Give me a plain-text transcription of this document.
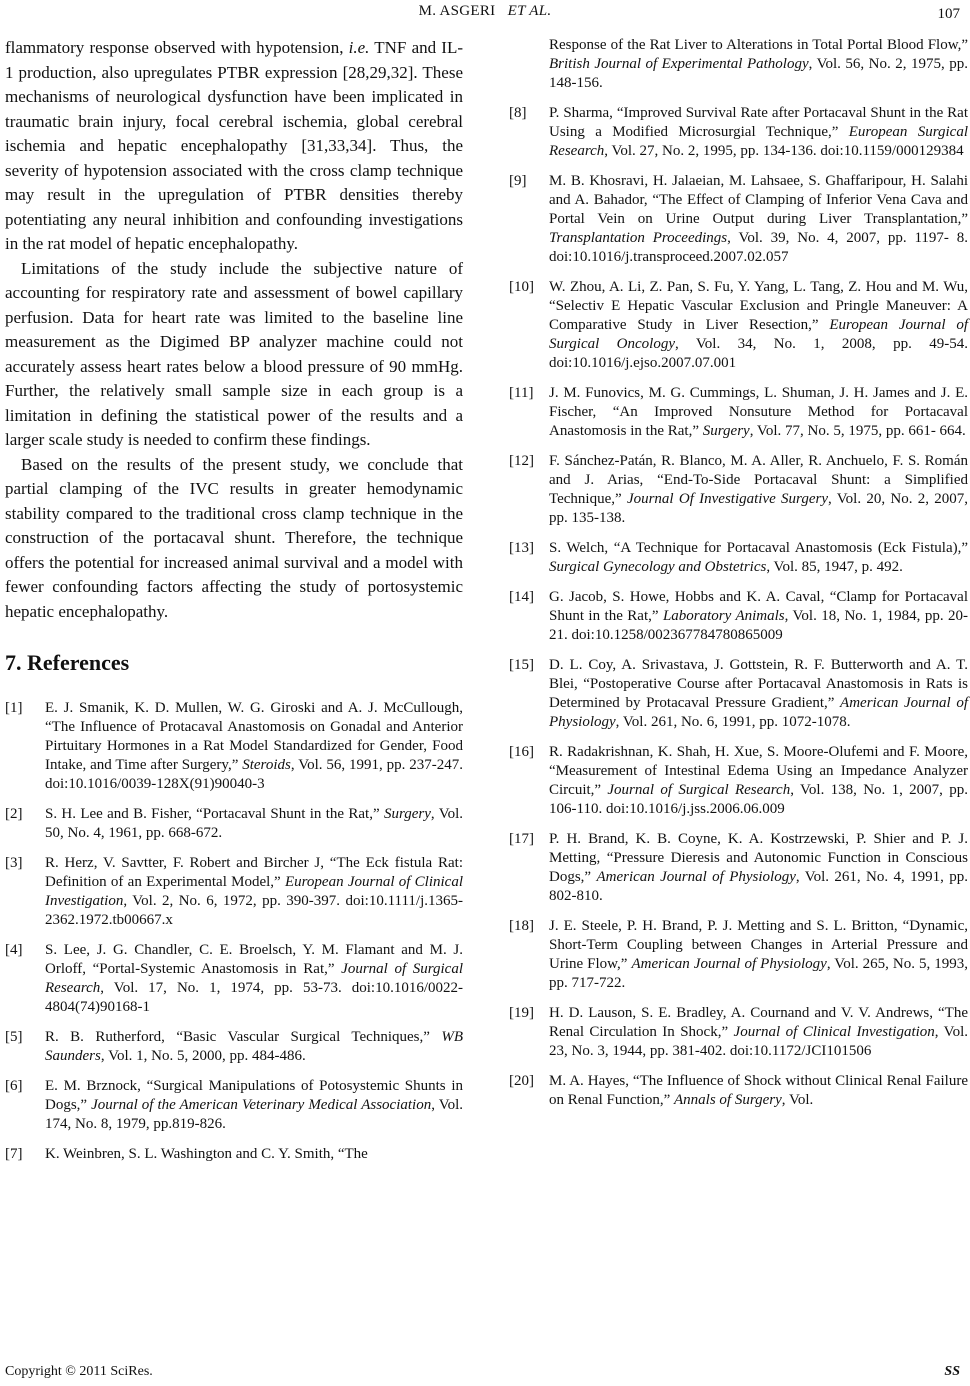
M. ASGERI ET AL.	107

flammatory response observed with hypotension, i.e. TNF and IL-1 production, also upregulates PTBR expression [28,29,32]. These mechanisms of neurological dysfunction have been implicated in traumatic brain injury, focal cerebral ischemia, global cerebral ischemia and hepatic encephalopathy [31,33,34]. Thus, the severity of hypotension associated with the cross clamp technique may result in the upregulation of PTBR densities thereby potentiating any neural inhibition and confounding investigations in the rat model of hepatic encephalopathy.

Limitations of the study include the subjective nature of accounting for respiratory rate and assessment of bowel capillary perfusion. Data for heart rate was limited to the baseline line measurement as the Digimed BP analyzer machine could not accurately assess heart rates below a blood pressure of 90 mmHg. Further, the relatively small sample size in each group is a limitation in defining the statistical power of the results and a larger scale study is needed to confirm these findings.

Based on the results of the present study, we conclude that partial clamping of the IVC results in greater hemodynamic stability compared to the traditional cross clamp technique in the construction of the portacaval shunt. Therefore, the technique offers the potential for increased animal survival and a model with fewer confounding factors affecting the study of portosystemic hepatic encephalopathy.

7. References
[1]	E. J. Smanik, K. D. Mullen, W. G. Giroski and A. J. McCullough, “The Influence of Protacaval Anastomosis on Gonadal and Anterior Pirtuitary Hormones in a Rat Model Standardized for Gender, Food Intake, and Time after Surgery,” Steroids, Vol. 56, 1991, pp. 237-247. doi:10.1016/0039-128X(91)90040-3
[2]	S. H. Lee and B. Fisher, “Portacaval Shunt in the Rat,” Surgery, Vol. 50, No. 4, 1961, pp. 668-672.
[3]	R. Herz, V. Savtter, F. Robert and Bircher J, “The Eck fistula Rat: Definition of an Experimental Model,” European Journal of Clinical Investigation, Vol. 2, No. 6, 1972, pp. 390-397. doi:10.1111/j.1365-2362.1972.tb00667.x
[4]	S. Lee, J. G. Chandler, C. E. Broelsch, Y. M. Flamant and M. J. Orloff, “Portal-Systemic Anastomosis in Rat,” Journal of Surgical Research, Vol. 17, No. 1, 1974, pp. 53-73. doi:10.1016/0022-4804(74)90168-1
[5]	R. B. Rutherford, “Basic Vascular Surgical Techniques,” WB Saunders, Vol. 1, No. 5, 2000, pp. 484-486.
[6]	E. M. Brznock, “Surgical Manipulations of Potosystemic Shunts in Dogs,” Journal of the American Veterinary Medical Association, Vol. 174, No. 8, 1979, pp.819-826.
[7]	K. Weinbren, S. L. Washington and C. Y. Smith, “The
Response of the Rat Liver to Alterations in Total Portal Blood Flow,” British Journal of Experimental Pathology, Vol. 56, No. 2, 1975, pp. 148-156.
[8]	P. Sharma, “Improved Survival Rate after Portacaval Shunt in the Rat Using a Modified Microsurgial Technique,” European Surgical Research, Vol. 27, No. 2, 1995, pp. 134-136. doi:10.1159/000129384
[9]	M. B. Khosravi, H. Jalaeian, M. Lahsaee, S. Ghaffaripour, H. Salahi and A. Bahador, “The Effect of Clamping of Inferior Vena Cava and Portal Vein on Urine Output during Liver Transplantation,” Transplantation Proceedings, Vol. 39, No. 4, 2007, pp. 1197- 8. doi:10.1016/j.transproceed.2007.02.057
[10]	W. Zhou, A. Li, Z. Pan, S. Fu, Y. Yang, L. Tang, Z. Hou and M. Wu, “Selectiv E Hepatic Vascular Exclusion and Pringle Maneuver: A Comparative Study in Liver Resection,” European Journal of Surgical Oncology, Vol. 34, No. 1, 2008, pp. 49-54. doi:10.1016/j.ejso.2007.07.001
[11]	J. M. Funovics, M. G. Cummings, L. Shuman, J. H. James and J. E. Fischer, “An Improved Nonsuture Method for Portacaval Anastomosis in the Rat,” Surgery, Vol. 77, No. 5, 1975, pp. 661- 664.
[12]	F. Sánchez-Patán, R. Blanco, M. A. Aller, R. Anchuelo, F. S. Román and J. Arias, “End-To-Side Portacaval Shunt: a Simplified Technique,” Journal Of Investigative Surgery, Vol. 20, No. 2, 2007, pp. 135-138.
[13]	S. Welch, “A Technique for Portacaval Anastomosis (Eck Fistula),” Surgical Gynecology and Obstetrics, Vol. 85, 1947, p. 492.
[14]	G. Jacob, S. Howe, Hobbs and K. A. Caval, “Clamp for Portacaval Shunt in the Rat,” Laboratory Animals, Vol. 18, No. 1, 1984, pp. 20-21. doi:10.1258/002367784780865009
[15]	D. L. Coy, A. Srivastava, J. Gottstein, R. F. Butterworth and A. T. Blei, “Postoperative Course after Portacaval Anastomosis in Rats is Determined by Protacaval Pressure Gradient,” American Journal of Physiology, Vol. 261, No. 6, 1991, pp. 1072-1078.
[16]	R. Radakrishnan, K. Shah, H. Xue, S. Moore-Olufemi and F. Moore, “Measurement of Intestinal Edema Using an Impedance Analyzer Circuit,” Journal of Surgical Research, Vol. 138, No. 1, 2007, pp. 106-110. doi:10.1016/j.jss.2006.06.009
[17]	P. H. Brand, K. B. Coyne, K. A. Kostrzewski, P. Shier and P. J. Metting, “Pressure Dieresis and Autonomic Function in Conscious Dogs,” American Journal of Physiology, Vol. 261, No. 4, 1991, pp. 802-810.
[18]	J. E. Steele, P. H. Brand, P. J. Metting and S. L. Britton, “Dynamic, Short-Term Coupling between Changes in Arterial Pressure and Urine Flow,” American Journal of Physiology, Vol. 265, No. 5, 1993, pp. 717-722.
[19]	H. D. Lauson, S. E. Bradley, A. Cournand and V. V. Andrews, “The Renal Circulation In Shock,” Journal of Clinical Investigation, Vol. 23, No. 3, 1944, pp. 381-402. doi:10.1172/JCI101506
[20]	M. A. Hayes, “The Influence of Shock without Clinical Renal Failure on Renal Function,” Annals of Surgery, Vol.
Copyright © 2011 SciRes.	SS
